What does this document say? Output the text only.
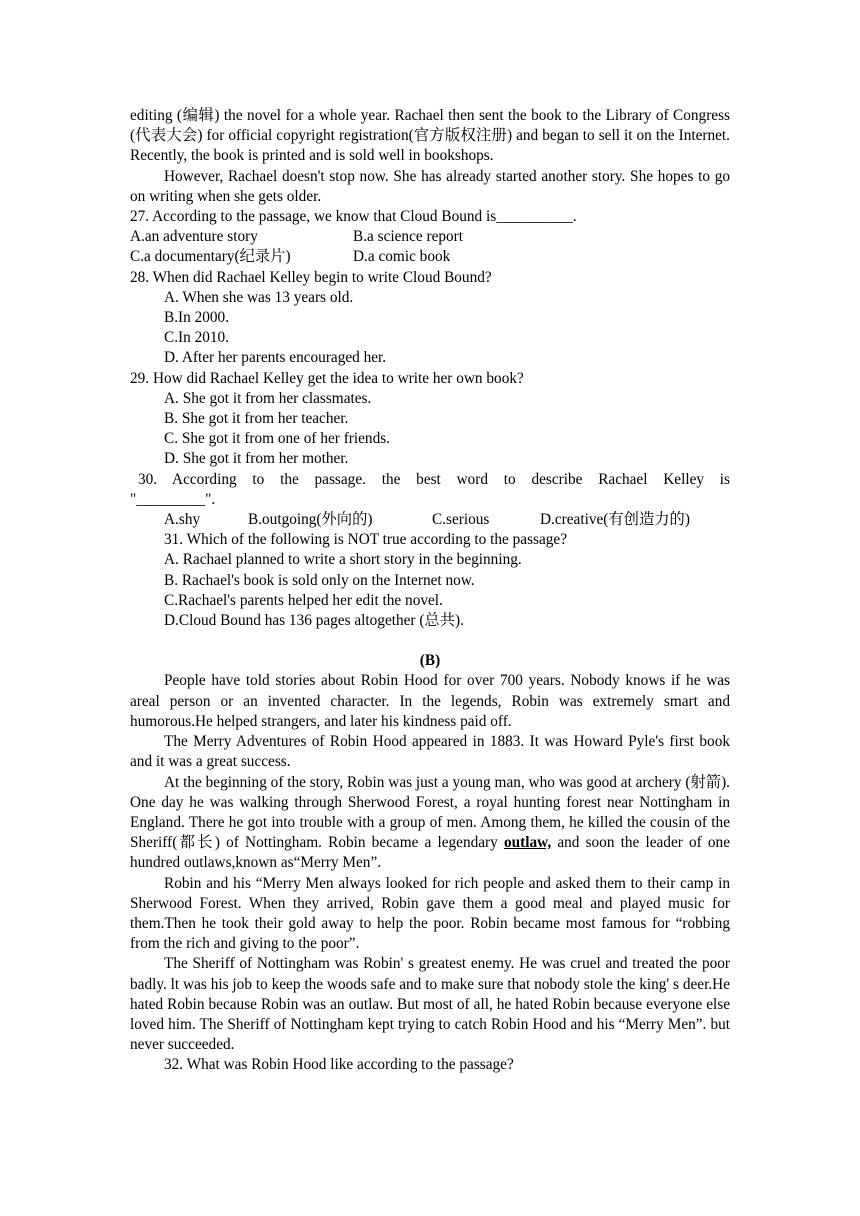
editing (编辑) the novel for a whole year. Rachael then sent the book to the Library of Congress (代表大会) for official copyright registration(官方版权注册) and began to sell it on the Internet. Recently, the book is printed and is sold well in bookshops.

However, Rachael doesn't stop now. She has already started another story. She hopes to go on writing when she gets older.

27. According to the passage, we know that Cloud Bound is__________.

A.an adventure story	B.a science report
C.a documentary(纪录片)	D.a comic book

28. When did Rachael Kelley begin to write Cloud Bound?

A. When she was 13 years old.

B.In 2000.

C.In 2010.

D. After her parents encouraged her.

29. How did Rachael Kelley get the idea to write her own book?

A. She got it from her classmates.

B. She got it from her teacher.

C. She got it from one of her friends.

D. She got it from her mother.

30. According to the passage. the best word to describe Rachael Kelley is

"_________".

A.shy	B.outgoing(外向的)	C.serious	D.creative(有创造力的)

31. Which of the following is NOT true according to the passage?

A. Rachael planned to write a short story in the beginning.

B. Rachael's book is sold only on the Internet now.

C.Rachael's parents helped her edit the novel.

D.Cloud Bound has 136 pages altogether (总共).

(B)

People have told stories about Robin Hood for over 700 years. Nobody knows if he was areal person or an invented character. In the legends, Robin was extremely smart and humorous.He helped strangers, and later his kindness paid off.

The Merry Adventures of Robin Hood appeared in 1883. It was Howard Pyle's first book and it was a great success.

At the beginning of the story, Robin was just a young man, who was good at archery (射箭). One day he was walking through Sherwood Forest, a royal hunting forest near Nottingham in England. There he got into trouble with a group of men. Among them, he killed the cousin of the Sheriff(都长) of Nottingham. Robin became a legendary outlaw, and soon the leader of one hundred outlaws,known as“Merry Men”.

Robin and his “Merry Men always looked for rich people and asked them to their camp in Sherwood Forest. When they arrived, Robin gave them a good meal and played music for them.Then he took their gold away to help the poor. Robin became most famous for “robbing from the rich and giving to the poor”.

The Sheriff of Nottingham was Robin' s greatest enemy. He was cruel and treated the poor badly. lt was his job to keep the woods safe and to make sure that nobody stole the king' s deer.He hated Robin because Robin was an outlaw. But most of all, he hated Robin because everyone else loved him. The Sheriff of Nottingham kept trying to catch Robin Hood and his “Merry Men”. but never succeeded.

32. What was Robin Hood like according to the passage?
